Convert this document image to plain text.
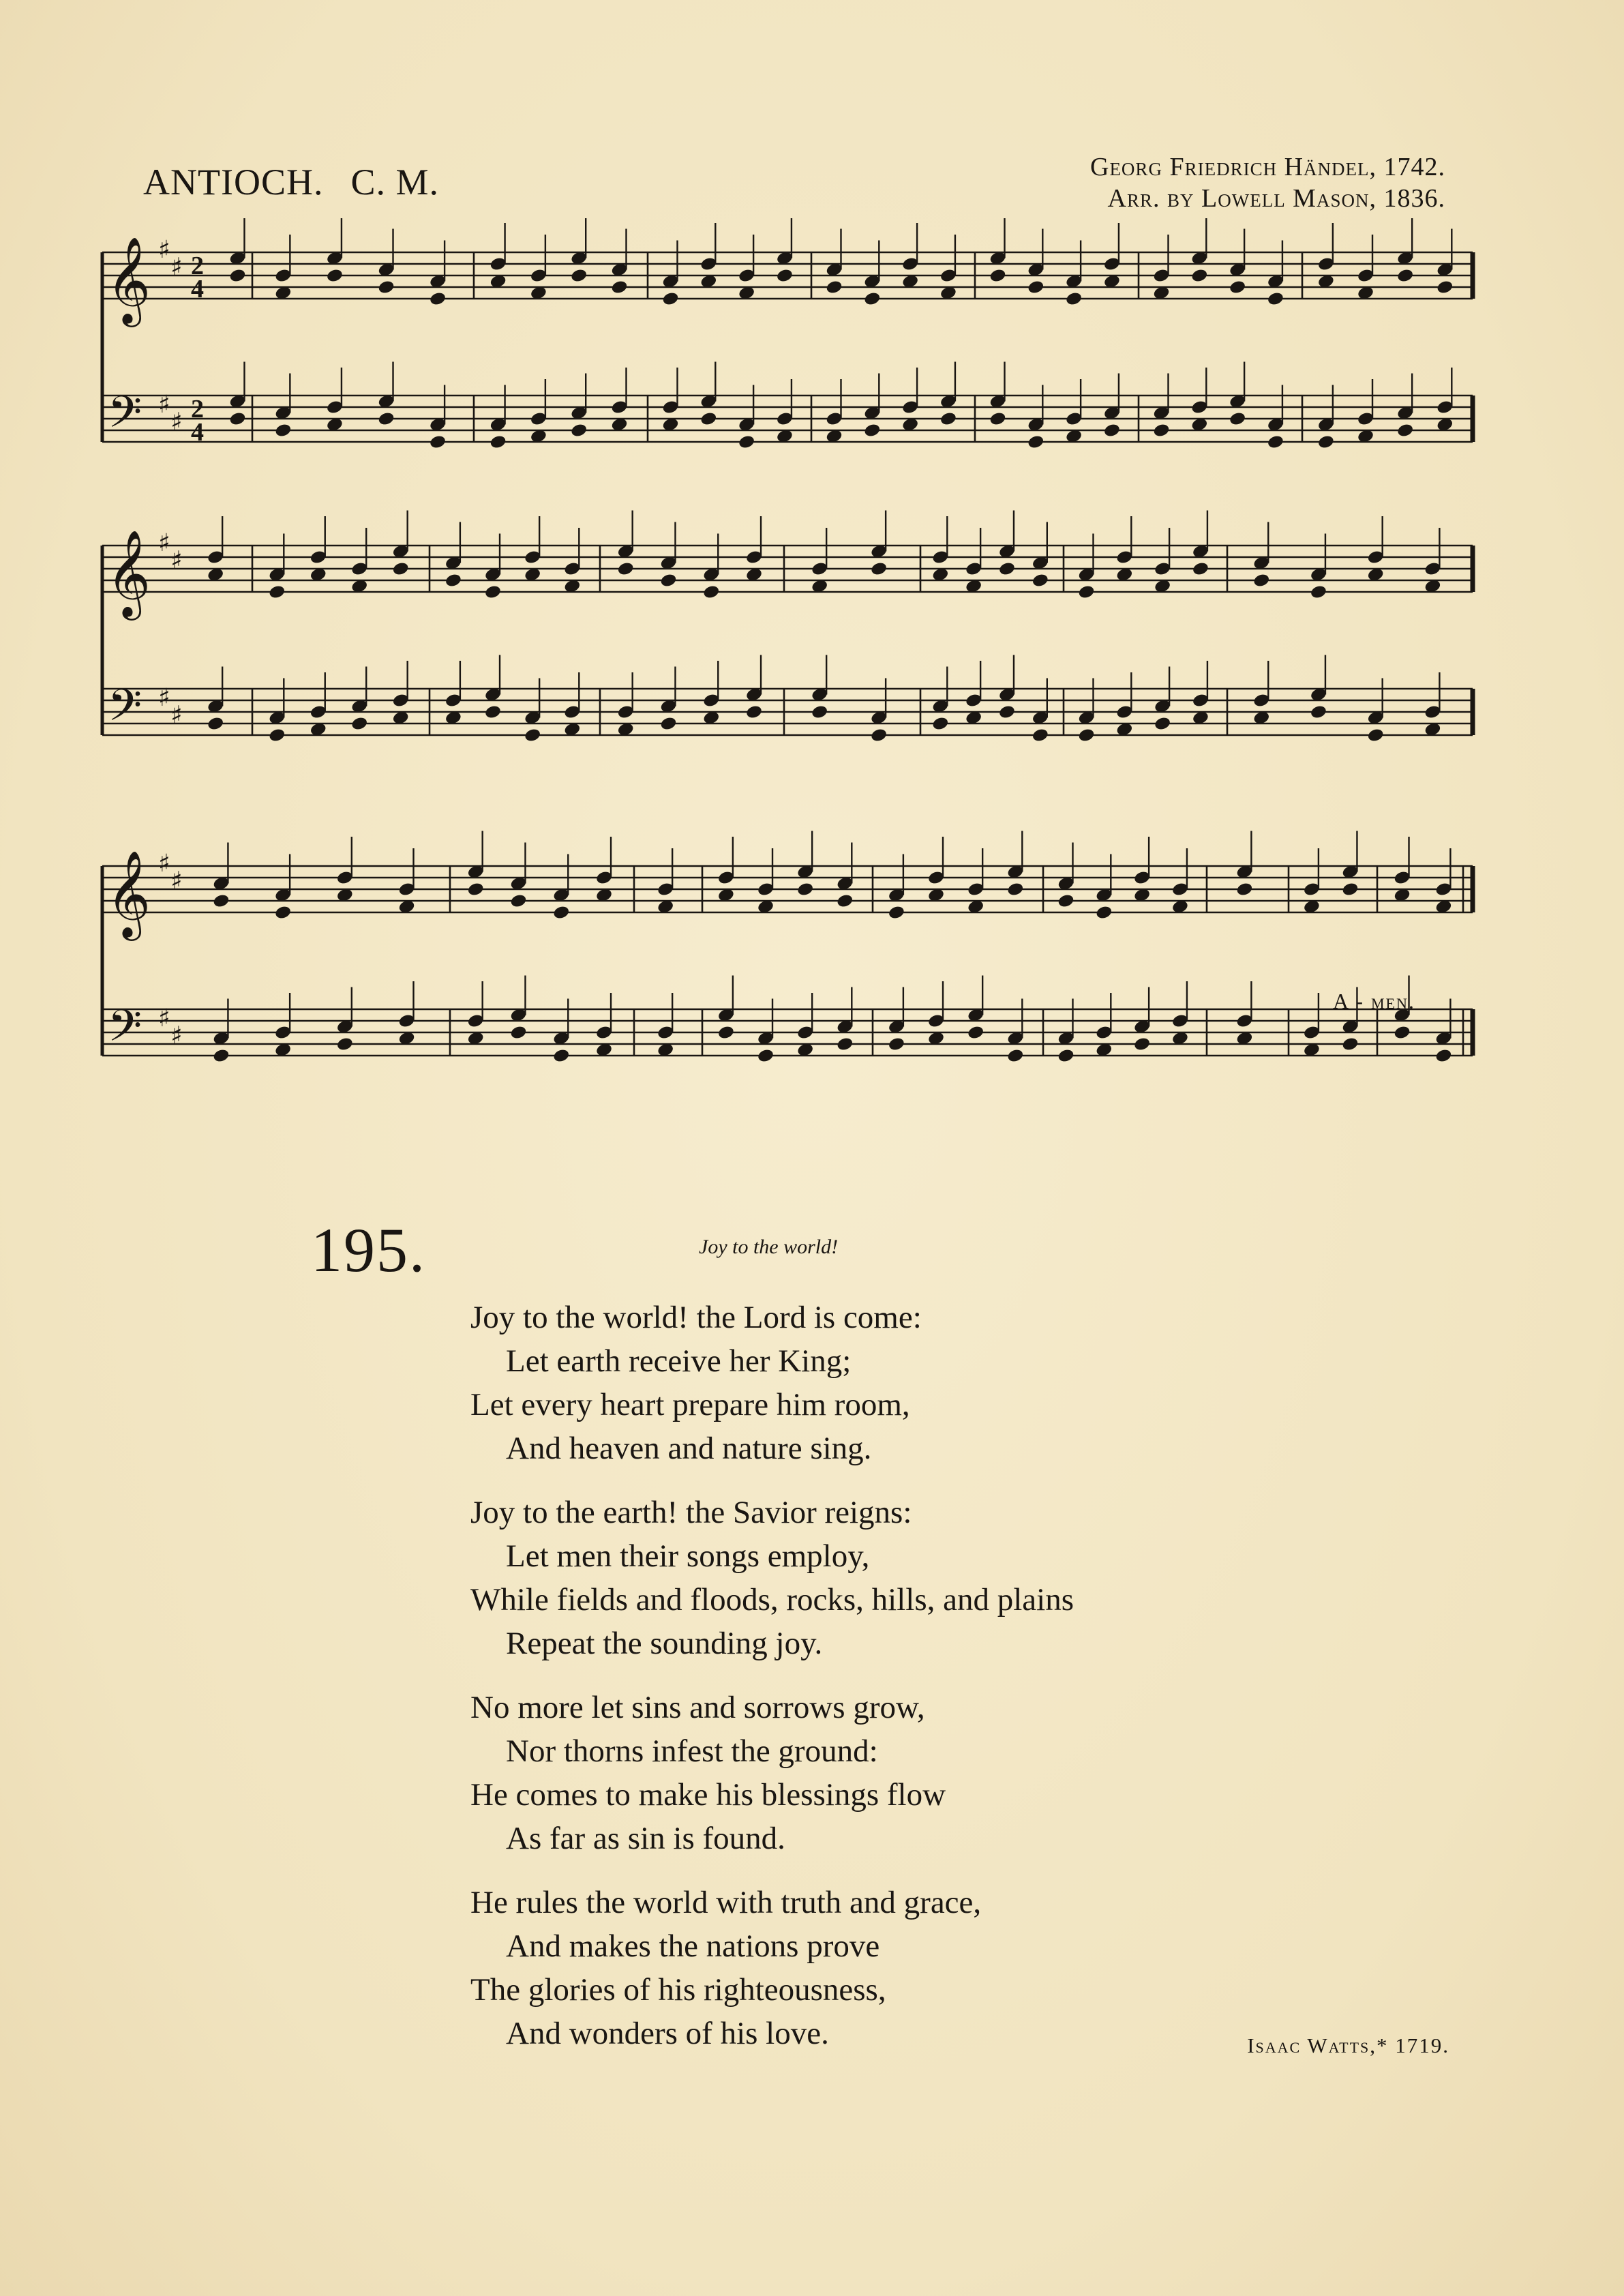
ANTIOCH. C. M.	Georg Friedrich Händel, 1742.
Arr. by Lowell Mason, 1836.
𝄞
𝄢
♯
♯
♯
♯
2
4
2
4
𝄞
𝄢
♯
♯
♯
♯
𝄞
𝄢
♯
♯
♯
♯
A - men.
195.	Joy to the world!
Joy to the world! the Lord is come:
Let earth receive her King;
Let every heart prepare him room,
And heaven and nature sing.
Joy to the earth! the Savior reigns:
Let men their songs employ,
While fields and floods, rocks, hills, and plains
Repeat the sounding joy.
No more let sins and sorrows grow,
Nor thorns infest the ground:
He comes to make his blessings flow
As far as sin is found.
He rules the world with truth and grace,
And makes the nations prove
The glories of his righteousness,
And wonders of his love.	Isaac Watts,* 1719.
